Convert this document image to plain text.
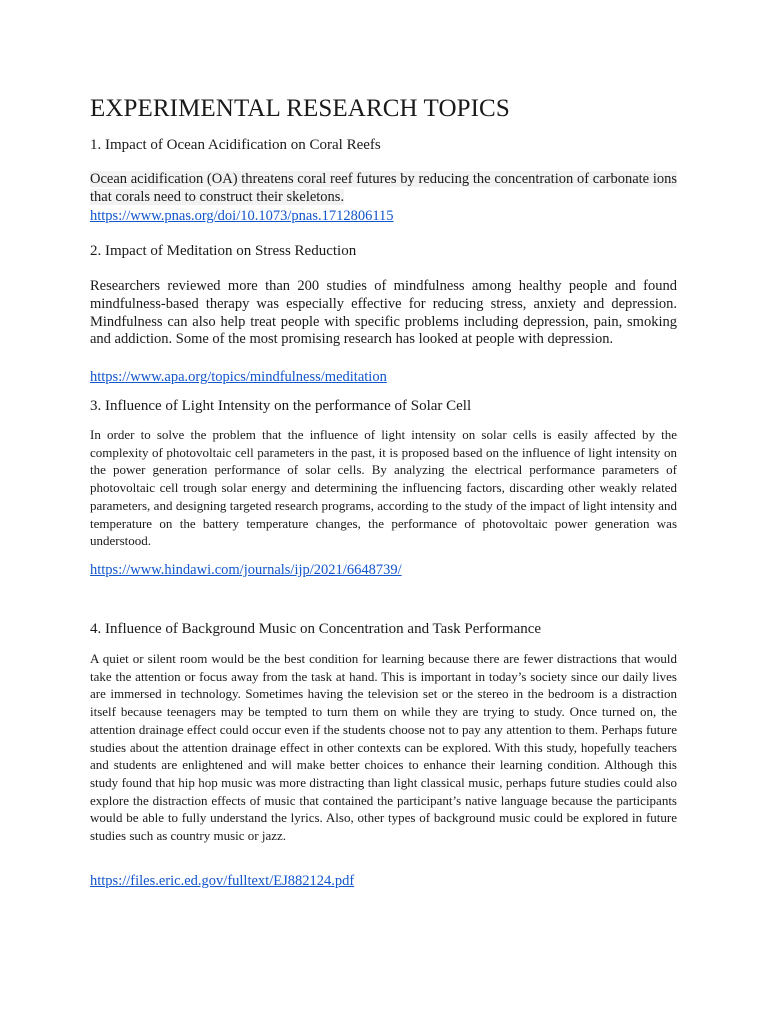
EXPERIMENTAL RESEARCH TOPICS
1. Impact of Ocean Acidification on Coral Reefs

Ocean acidification (OA) threatens coral reef futures by reducing the concentration of carbonate ions that corals need to construct their skeletons.

https://www.pnas.org/doi/10.1073/pnas.1712806115
2. Impact of Meditation on Stress Reduction

Researchers reviewed more than 200 studies of mindfulness among healthy people and found mindfulness-based therapy was especially effective for reducing stress, anxiety and depression. Mindfulness can also help treat people with specific problems including depression, pain, smoking and addiction. Some of the most promising research has looked at people with depression.

https://www.apa.org/topics/mindfulness/meditation
3. Influence of Light Intensity on the performance of Solar Cell

In order to solve the problem that the influence of light intensity on solar cells is easily affected by the complexity of photovoltaic cell parameters in the past, it is proposed based on the influence of light intensity on the power generation performance of solar cells. By analyzing the electrical performance parameters of photovoltaic cell trough solar energy and determining the influencing factors, discarding other weakly related parameters, and designing targeted research programs, according to the study of the impact of light intensity and temperature on the battery temperature changes, the performance of photovoltaic power generation was understood.

https://www.hindawi.com/journals/ijp/2021/6648739/
4. Influence of Background Music on Concentration and Task Performance

A quiet or silent room would be the best condition for learning because there are fewer distractions that would take the attention or focus away from the task at hand. This is important in today’s society since our daily lives are immersed in technology. Sometimes having the television set or the stereo in the bedroom is a distraction itself because teenagers may be tempted to turn them on while they are trying to study. Once turned on, the attention drainage effect could occur even if the students choose not to pay any attention to them. Perhaps future studies about the attention drainage effect in other contexts can be explored. With this study, hopefully teachers and students are enlightened and will make better choices to enhance their learning condition. Although this study found that hip hop music was more distracting than light classical music, perhaps future studies could also explore the distraction effects of music that contained the participant’s native language because the participants would be able to fully understand the lyrics. Also, other types of background music could be explored in future studies such as country music or jazz.

https://files.eric.ed.gov/fulltext/EJ882124.pdf
